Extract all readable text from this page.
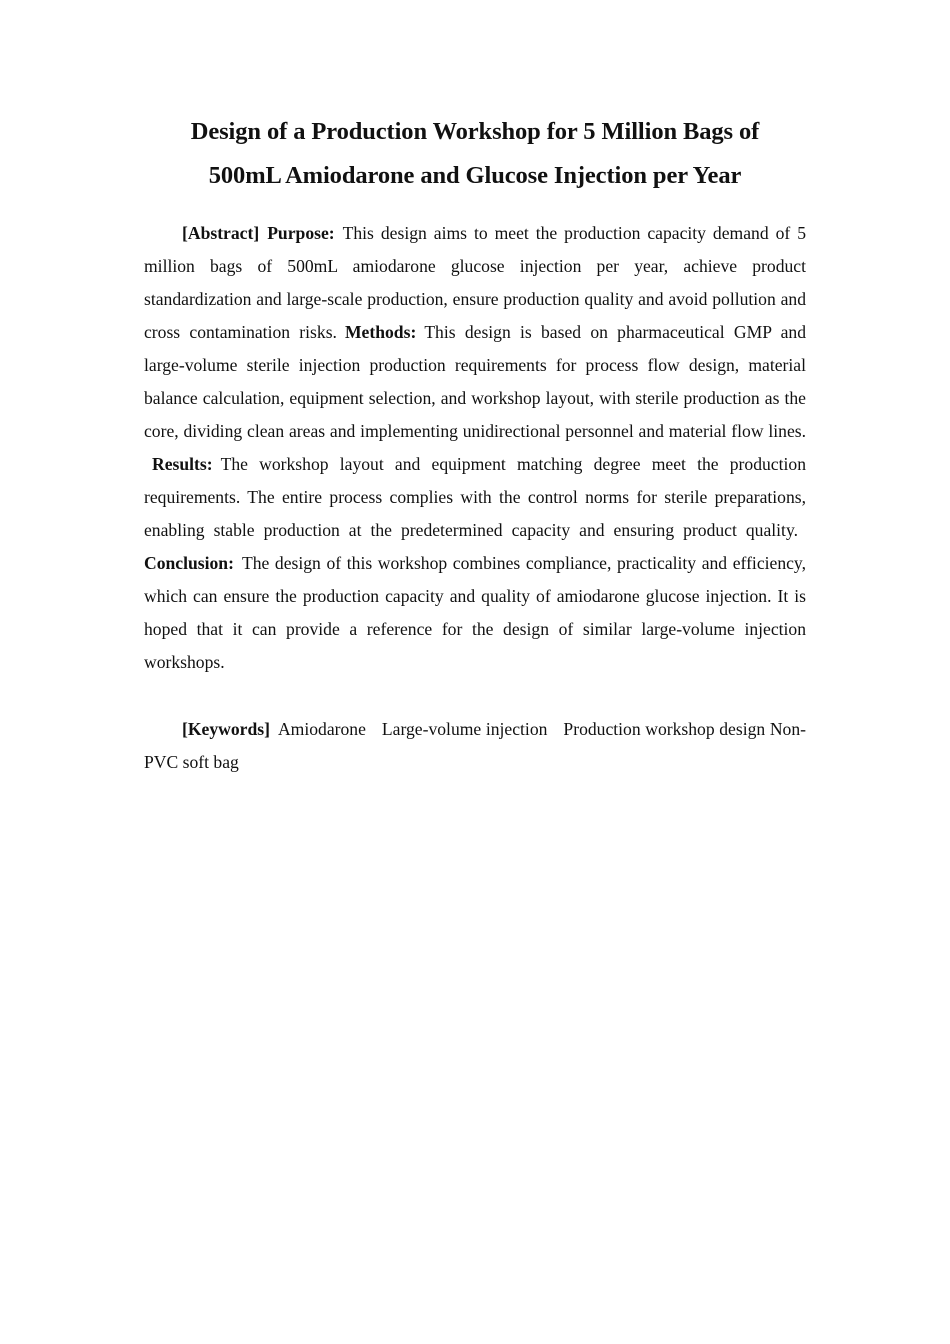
Design of a Production Workshop for 5 Million Bags of
500mL Amiodarone and Glucose Injection per Year

[Abstract] Purpose: This design aims to meet the production capacity demand of 5 million bags of 500mL amiodarone glucose injection per year, achieve product standardization and large-scale production, ensure production quality and avoid pollution and cross contamination risks. Methods: This design is based on pharmaceutical GMP and large-volume sterile injection production requirements for process flow design, material balance calculation, equipment selection, and workshop layout, with sterile production as the core, dividing clean areas and implementing unidirectional personnel and material flow lines.Results: The workshop layout and equipment matching degree meet the production requirements. The entire process complies with the control norms for sterile preparations, enabling stable production at the predetermined capacity and ensuring product quality.Conclusion: The design of this workshop combines compliance, practicality and efficiency, which can ensure the production capacity and quality of amiodarone glucose injection. It is hoped that it can provide a reference for the design of similar large-volume injection workshops.

[Keywords] Amiodarone Large-volume injection Production workshop design Non-PVC soft bag
